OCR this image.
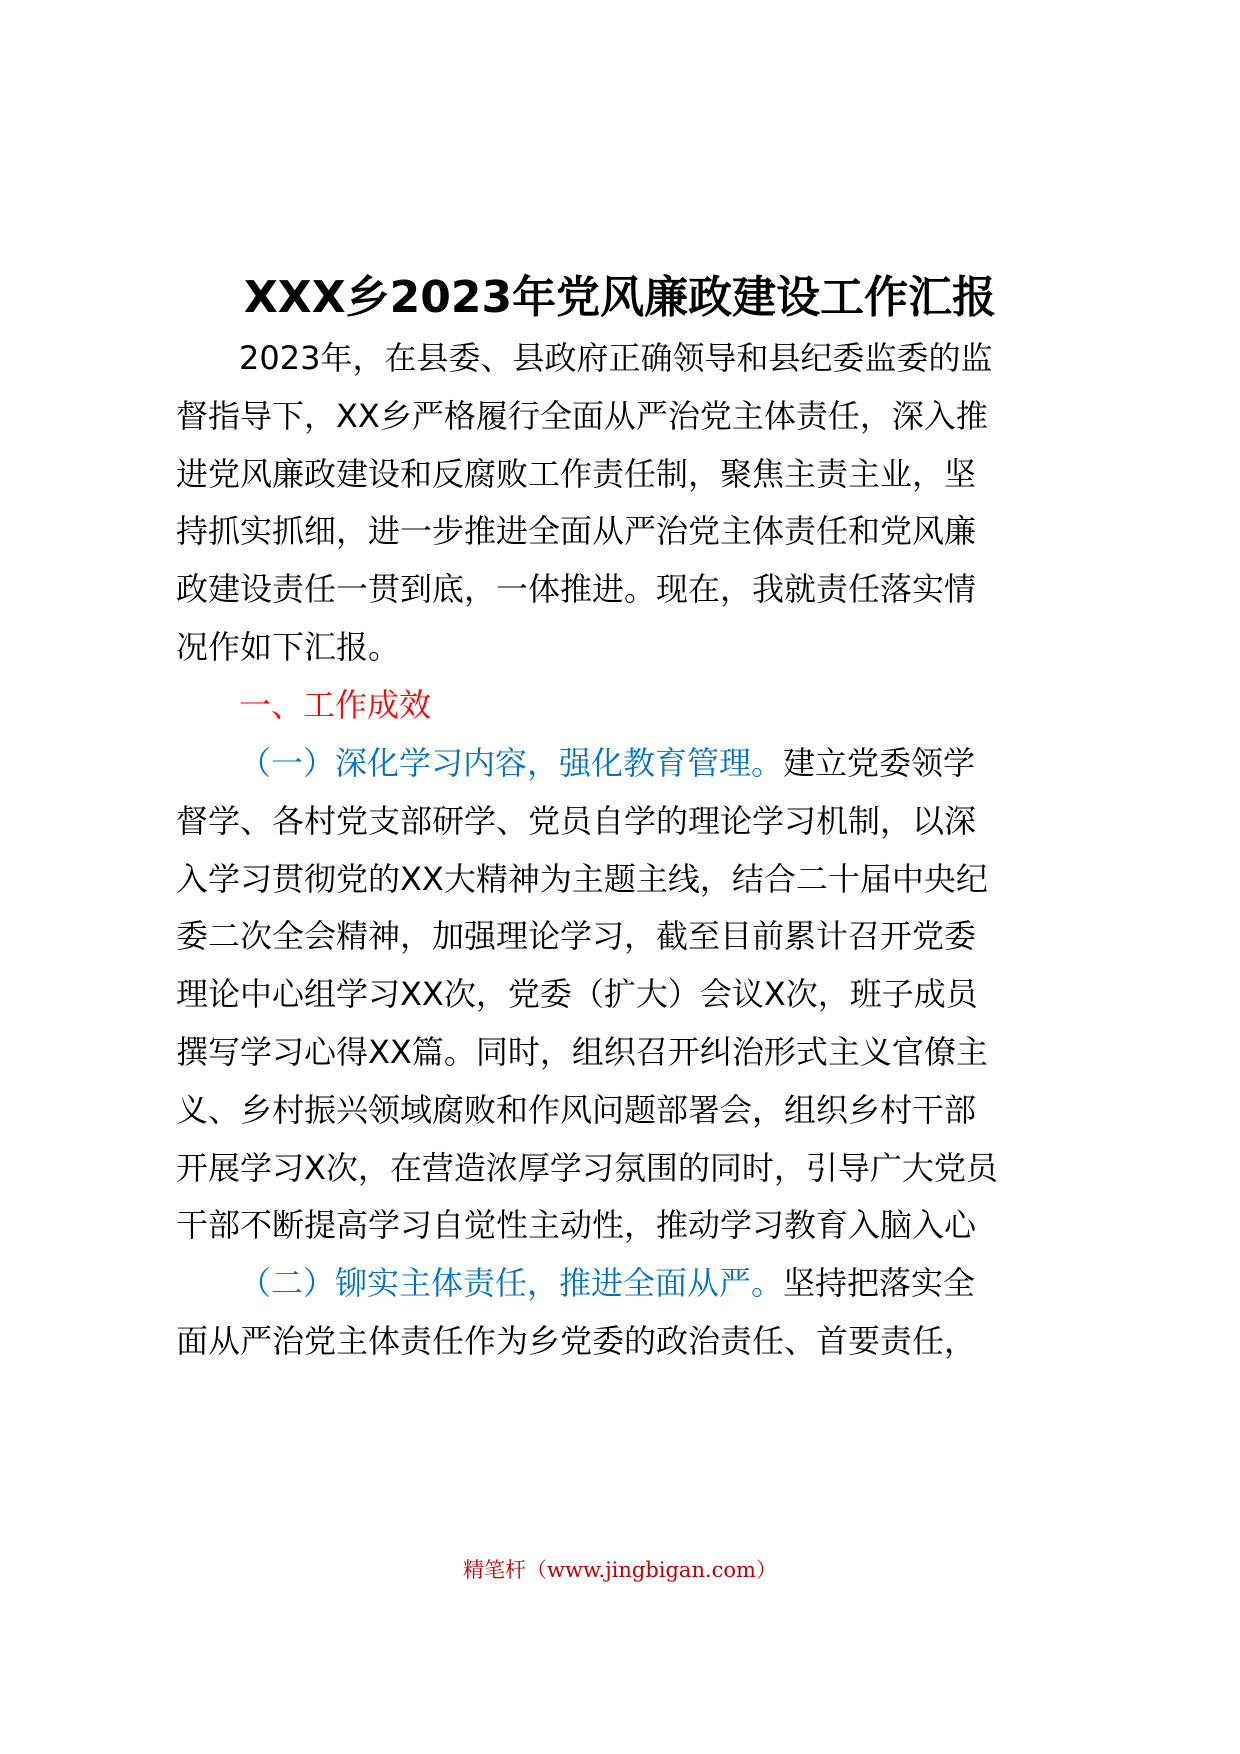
XXX乡2023年党风廉政建设工作汇报
2023年，在县委、县政府正确领导和县纪委监委的监
督指导下，XX乡严格履行全面从严治党主体责任，深入推
进党风廉政建设和反腐败工作责任制，聚焦主责主业，坚
持抓实抓细，进一步推进全面从严治党主体责任和党风廉
政建设责任一贯到底，一体推进。现在，我就责任落实情
况作如下汇报。
一、工作成效
（一）深化学习内容，强化教育管理。建立党委领学
督学、各村党支部研学、党员自学的理论学习机制，以深
入学习贯彻党的XX大精神为主题主线，结合二十届中央纪
委二次全会精神，加强理论学习，截至目前累计召开党委
理论中心组学习XX次，党委（扩大）会议X次，班子成员
撰写学习心得XX篇。同时，组织召开纠治形式主义官僚主
义、乡村振兴领域腐败和作风问题部署会，组织乡村干部
开展学习X次，在营造浓厚学习氛围的同时，引导广大党员
干部不断提高学习自觉性主动性，推动学习教育入脑入心
（二）铆实主体责任，推进全面从严。坚持把落实全
面从严治党主体责任作为乡党委的政治责任、首要责任，
精笔杆（www.jingbigan.com）
